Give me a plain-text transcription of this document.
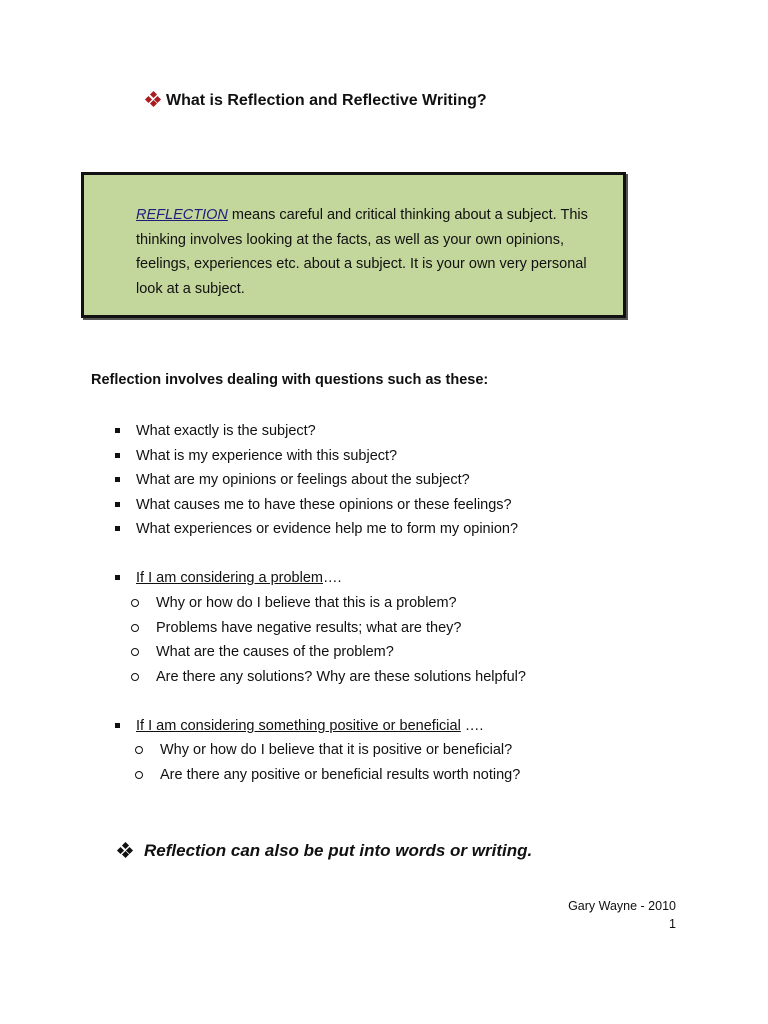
What is Reflection and Reflective Writing?
REFLECTION means careful and critical thinking about a subject. This thinking involves looking at the facts, as well as your own opinions, feelings, experiences etc. about a subject. It is your own very personal look at a subject.
Reflection involves dealing with questions such as these:
What exactly is the subject?
What is my experience with this subject?
What are my opinions or feelings about the subject?
What causes me to have these opinions or these feelings?
What experiences or evidence help me to form my opinion?
If I am considering a problem….
Why or how do I believe that this is a problem?
Problems have negative results; what are they?
What are the causes of the problem?
Are there any solutions? Why are these solutions helpful?
If I am considering something positive or beneficial ….
Why or how do I believe that it is positive or beneficial?
Are there any positive or beneficial results worth noting?
Reflection can also be put into words or writing.
Gary Wayne - 2010
1
